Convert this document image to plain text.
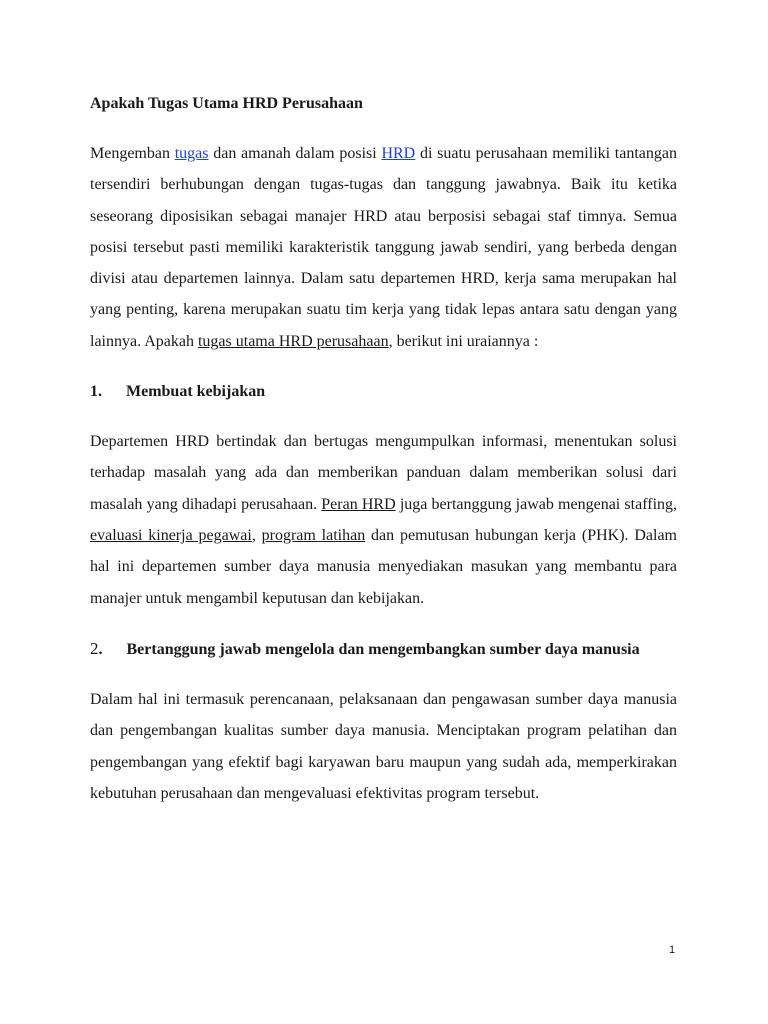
Apakah Tugas Utama HRD Perusahaan

Mengemban tugas dan amanah dalam posisi HRD di suatu perusahaan memiliki tantangan tersendiri berhubungan dengan tugas-tugas dan tanggung jawabnya. Baik itu ketika seseorang diposisikan sebagai manajer HRD atau berposisi sebagai staf timnya. Semua posisi tersebut pasti memiliki karakteristik tanggung jawab sendiri, yang berbeda dengan divisi atau departemen lainnya. Dalam satu departemen HRD, kerja sama merupakan hal yang penting, karena merupakan suatu tim kerja yang tidak lepas antara satu dengan yang lainnya. Apakah tugas utama HRD perusahaan, berikut ini uraiannya :

1. Membuat kebijakan

Departemen HRD bertindak dan bertugas mengumpulkan informasi, menentukan solusi terhadap masalah yang ada dan memberikan panduan dalam memberikan solusi dari masalah yang dihadapi perusahaan. Peran HRD juga bertanggung jawab mengenai staffing, evaluasi kinerja pegawai, program latihan dan pemutusan hubungan kerja (PHK). Dalam hal ini departemen sumber daya manusia menyediakan masukan yang membantu para manajer untuk mengambil keputusan dan kebijakan.

2. Bertanggung jawab mengelola dan mengembangkan sumber daya manusia

Dalam hal ini termasuk perencanaan, pelaksanaan dan pengawasan sumber daya manusia dan pengembangan kualitas sumber daya manusia. Menciptakan program pelatihan dan pengembangan yang efektif bagi karyawan baru maupun yang sudah ada, memperkirakan kebutuhan perusahaan dan mengevaluasi efektivitas program tersebut.

1
